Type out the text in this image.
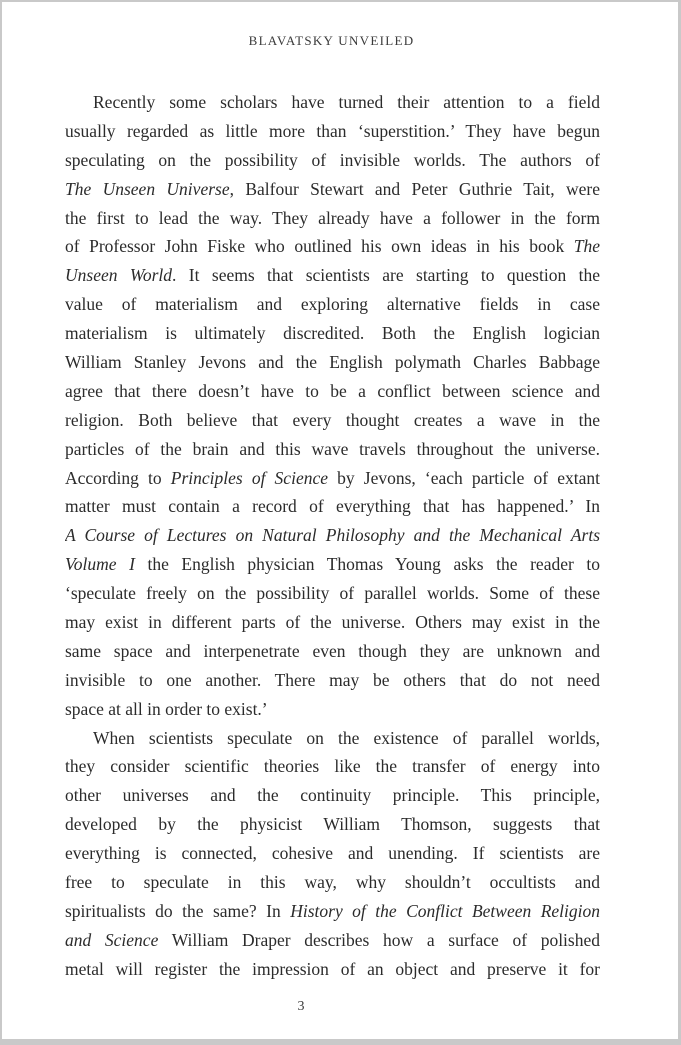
BLAVATSKY UNVEILED
Recently some scholars have turned their attention to a field
usually regarded as little more than ‘superstition.’ They have begun
speculating on the possibility of invisible worlds. The authors of
The Unseen Universe, Balfour Stewart and Peter Guthrie Tait, were
the first to lead the way. They already have a follower in the form
of Professor John Fiske who outlined his own ideas in his book The
Unseen World. It seems that scientists are starting to question the
value of materialism and exploring alternative fields in case
materialism is ultimately discredited. Both the English logician
William Stanley Jevons and the English polymath Charles Babbage
agree that there doesn’t have to be a conflict between science and
religion. Both believe that every thought creates a wave in the
particles of the brain and this wave travels throughout the universe.
According to Principles of Science by Jevons, ‘each particle of extant
matter must contain a record of everything that has happened.’ In
A Course of Lectures on Natural Philosophy and the Mechanical Arts
Volume I the English physician Thomas Young asks the reader to
‘speculate freely on the possibility of parallel worlds. Some of these
may exist in different parts of the universe. Others may exist in the
same space and interpenetrate even though they are unknown and
invisible to one another. There may be others that do not need
space at all in order to exist.’
When scientists speculate on the existence of parallel worlds,
they consider scientific theories like the transfer of energy into
other universes and the continuity principle. This principle,
developed by the physicist William Thomson, suggests that
everything is connected, cohesive and unending. If scientists are
free to speculate in this way, why shouldn’t occultists and
spiritualists do the same? In History of the Conflict Between Religion
and Science William Draper describes how a surface of polished
metal will register the impression of an object and preserve it for
3
